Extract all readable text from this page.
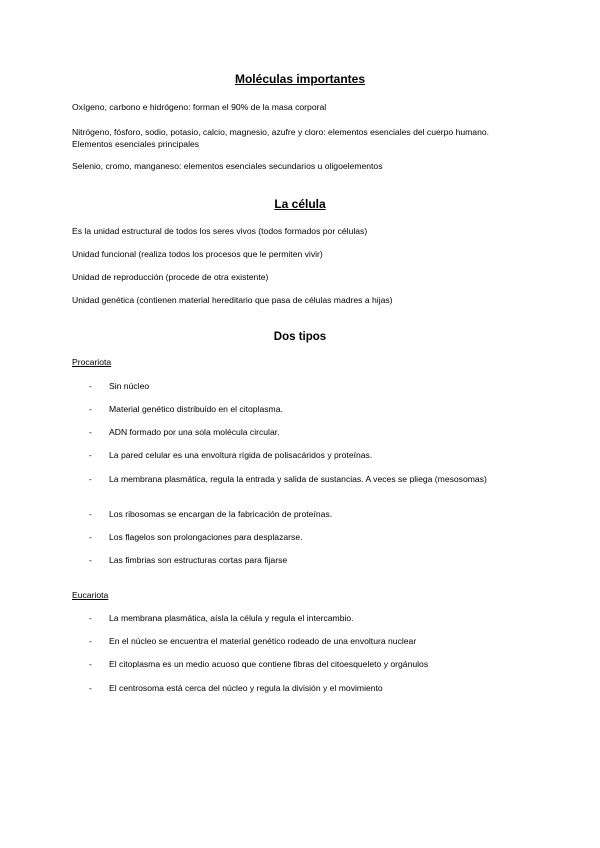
Moléculas importantes

Oxígeno, carbono e hidrógeno: forman el 90% de la masa corporal

Nitrógeno, fósforo, sodio, potasio, calcio, magnesio, azufre y cloro: elementos esenciales del cuerpo humano. Elementos esenciales principales

Selenio, cromo, manganeso: elementos esenciales secundarios u oligoelementos

La célula

Es la unidad estructural de todos los seres vivos (todos formados por células)

Unidad funcional (realiza todos los procesos que le permiten vivir)

Unidad de reproducción (procede de otra existente)

Unidad genética (contienen material hereditario que pasa de células madres a hijas)

Dos tipos
Procariota
- Sin núcleo
- Material genético distribuido en el citoplasma.
- ADN formado por una sola molécula circular.
- La pared celular es una envoltura rígida de polisacáridos y proteínas.
- La membrana plasmática, regula la entrada y salida de sustancias. A veces se pliega (mesosomas)
- Los ribosomas se encargan de la fabricación de proteínas.
- Los flagelos son prolongaciones para desplazarse.
- Las fimbrias son estructuras cortas para fijarse
Eucariota
- La membrana plasmática, aísla la célula y regula el intercambio.
- En el núcleo se encuentra el material genético rodeado de una envoltura nuclear
- El citoplasma es un medio acuoso que contiene fibras del citoesqueleto y orgánulos
- El centrosoma está cerca del núcleo y regula la división y el movimiento
